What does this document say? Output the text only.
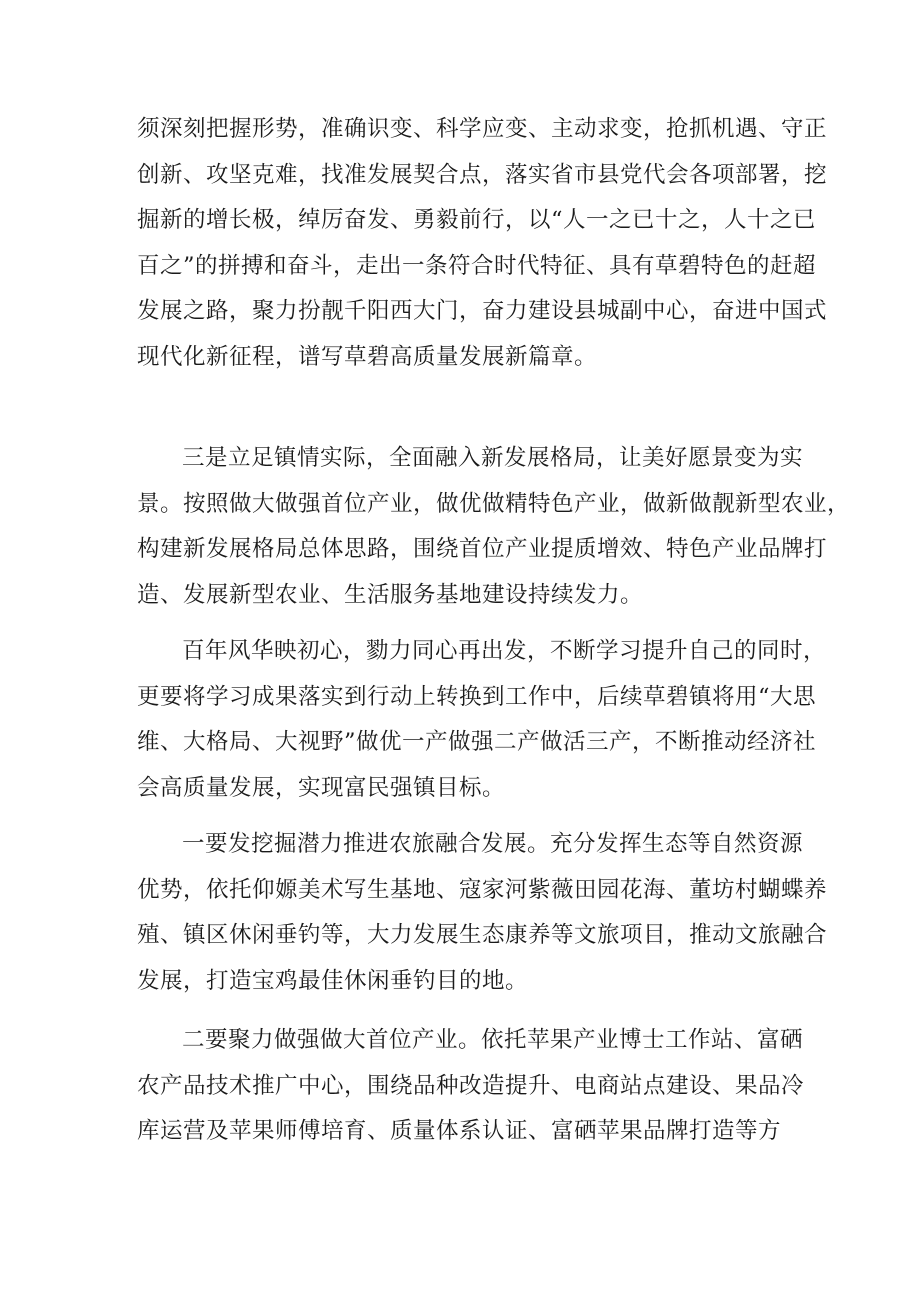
须深刻把握形势，准确识变、科学应变、主动求变，抢抓机遇、守正
创新、攻坚克难，找准发展契合点，落实省市县党代会各项部署，挖
掘新的增长极，绰厉奋发、勇毅前行，以“人一之已十之，人十之已
百之”的拼搏和奋斗，走出一条符合时代特征、具有草碧特色的赶超
发展之路，聚力扮靓千阳西大门，奋力建设县城副中心，奋进中国式
现代化新征程，谱写草碧高质量发展新篇章。
三是立足镇情实际，全面融入新发展格局，让美好愿景变为实
景。按照做大做强首位产业，做优做精特色产业，做新做靓新型农业，
构建新发展格局总体思路，围绕首位产业提质增效、特色产业品牌打
造、发展新型农业、生活服务基地建设持续发力。
百年风华映初心，勠力同心再出发，不断学习提升自己的同时，
更要将学习成果落实到行动上转换到工作中，后续草碧镇将用“大思
维、大格局、大视野”做优一产做强二产做活三产，不断推动经济社
会高质量发展，实现富民强镇目标。
一要发挖掘潜力推进农旅融合发展。充分发挥生态等自然资源
优势，依托仰嫄美术写生基地、寇家河紫薇田园花海、董坊村蝴蝶养
殖、镇区休闲垂钓等，大力发展生态康养等文旅项目，推动文旅融合
发展，打造宝鸡最佳休闲垂钓目的地。
二要聚力做强做大首位产业。依托苹果产业博士工作站、富硒
农产品技术推广中心，围绕品种改造提升、电商站点建设、果品冷
库运营及苹果师傅培育、质量体系认证、富硒苹果品牌打造等方
